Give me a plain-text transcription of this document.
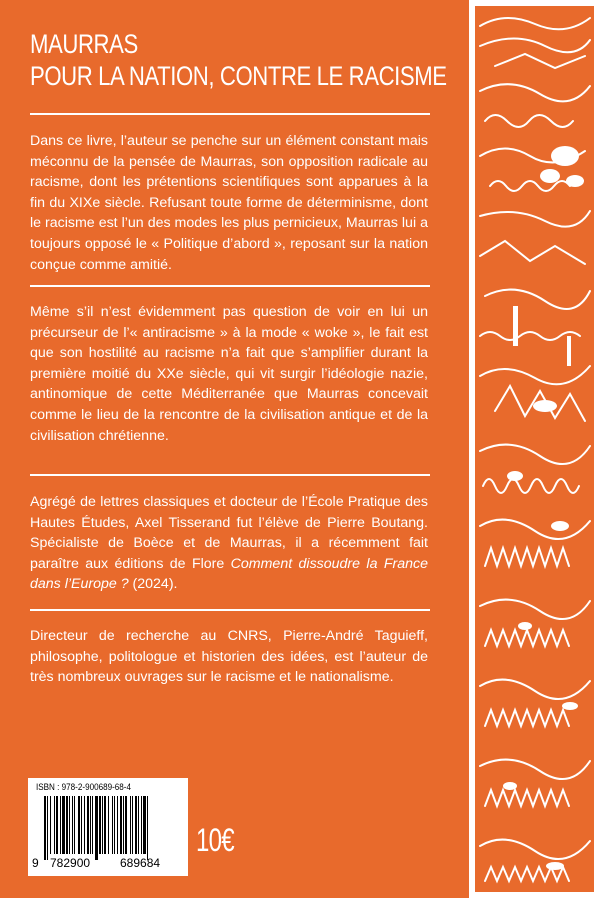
MAURRAS
POUR LA NATION, CONTRE LE RACISME

Dans ce livre, l’auteur se penche sur un élément constant mais méconnu de la pensée de Maurras, son opposition radicale au racisme, dont les prétentions scientifiques sont apparues à la fin du XIXe siècle. Refusant toute forme de déterminisme, dont le racisme est l’un des modes les plus pernicieux, Maurras lui a toujours opposé le « Politique d’abord », reposant sur la nation conçue comme amitié.

Même s’il n’est évidemment pas question de voir en lui un précurseur de l’« antiracisme » à la mode « woke », le fait est que son hostilité au racisme n’a fait que s’amplifier durant la première moitié du XXe siècle, qui vit surgir l’idéologie nazie, antinomique de cette Méditerranée que Maurras concevait comme le lieu de la rencontre de la civilisation antique et de la civilisation chrétienne.

Agrégé de lettres classiques et docteur de l’École Pratique des Hautes Études, Axel Tisserand fut l’élève de Pierre Boutang. Spécialiste de Boèce et de Maurras, il a récemment fait paraître aux éditions de Flore Comment dissoudre la France dans l’Europe ? (2024).

Directeur de recherche au CNRS, Pierre-André Taguieff, philosophe, politologue et historien des idées, est l’auteur de très nombreux ouvrages sur le racisme et le nationalisme.

ISBN : 978-2-900689-68-4
9 782900 689684
10€
